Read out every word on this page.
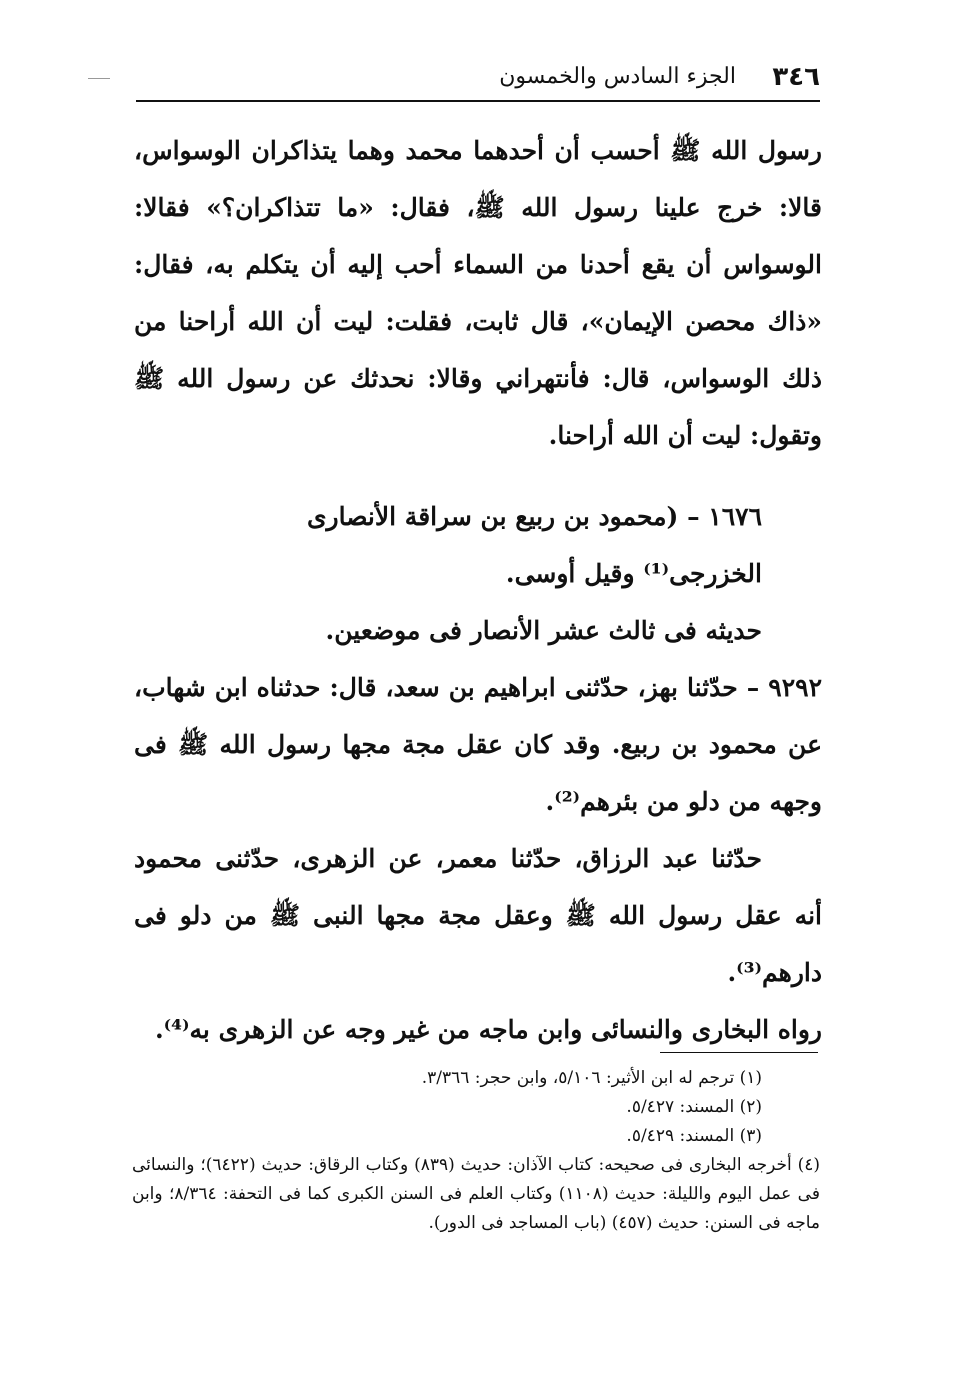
٣٤٦
الجزء السادس والخمسون

رسول الله ﷺ أحسب أن أحدهما محمد وهما يتذاكران الوسواس، قالا: خرج علينا رسول الله ﷺ، فقال: «ما تتذاكران؟» فقالا: الوسواس أن يقع أحدنا من السماء أحب إليه أن يتكلم به، فقال: «ذاك محصن الإيمان»، قال ثابت، فقلت: ليت أن الله أراحنا من ذلك الوسواس، قال: فأنتهراني وقالا: نحدثك عن رسول الله ﷺ وتقول: ليت أن الله أراحنا.

١٦٧٦ – (محمود بن ربيع بن سراقة الأنصارى

الخزرجى⁽¹⁾ وقيل أوسى.

حديثه فى ثالث عشر الأنصار فى موضعين.

٩٢٩٢ – حدّثنا بهز، حدّثنى ابراهيم بن سعد، قال: حدثناه ابن شهاب، عن محمود بن ربيع. وقد كان عقل مجة مجها رسول الله ﷺ فى وجهه من دلو من بئرهم⁽²⁾.

حدّثنا عبد الرزاق، حدّثنا معمر، عن الزهرى، حدّثنى محمود أنه عقل رسول الله ﷺ وعقل مجة مجها النبى ﷺ من دلو فى دارهم⁽³⁾.

رواه البخارى والنسائى وابن ماجه من غير وجه عن الزهرى به⁽⁴⁾.

(١) ترجم له ابن الأثير: ٥/١٠٦، وابن حجر: ٣/٣٦٦.

(٢) المسند: ٥/٤٢٧.

(٣) المسند: ٥/٤٢٩.

(٤) أخرجه البخارى فى صحيحه: كتاب الآذان: حديث (٨٣٩) وكتاب الرقاق: حديث (٦٤٢٢)؛ والنسائى فى عمل اليوم والليلة: حديث (١١٠٨) وكتاب العلم فى السنن الكبرى كما فى التحفة: ٨/٣٦٤؛ وابن ماجه فى السنن: حديث (٤٥٧) (باب المساجد فى الدور).
